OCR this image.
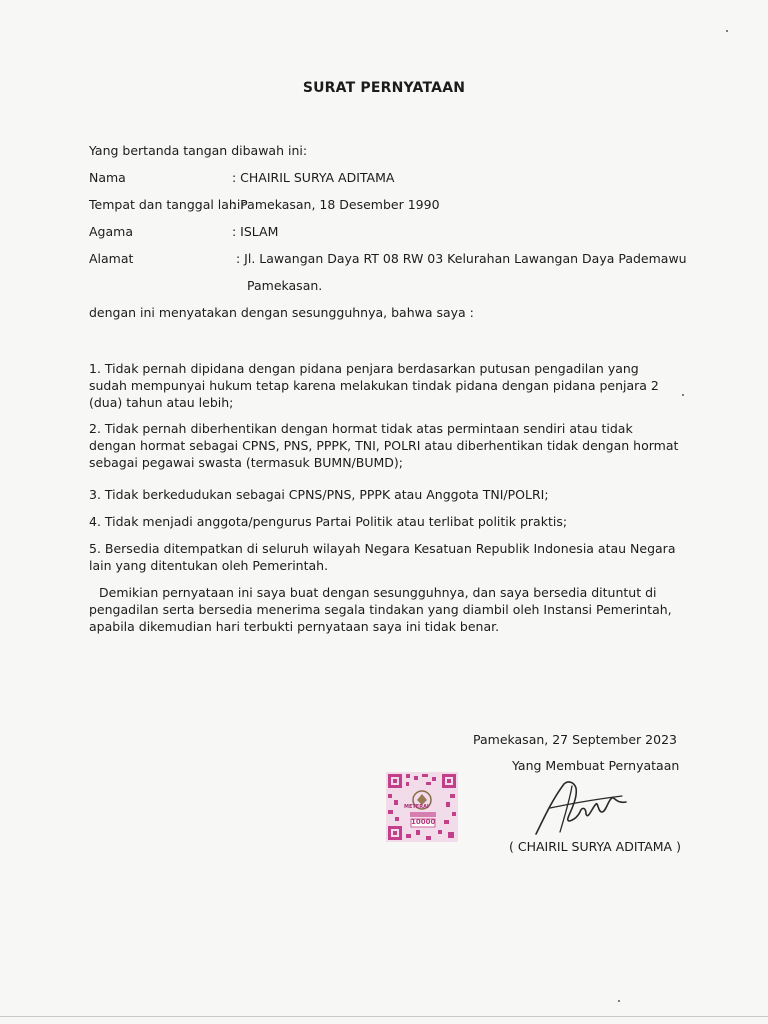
SURAT PERNYATAAN
Yang bertanda tangan dibawah ini:
Nama	: CHAIRIL SURYA ADITAMA
Tempat dan tanggal lahir
: Pamekasan, 18 Desember 1990
Agama	: ISLAM
Alamat	: Jl. Lawangan Daya RT 08 RW 03 Kelurahan Lawangan Daya Pademawu
Pamekasan.
dengan ini menyatakan dengan sesungguhnya, bahwa saya :
1. Tidak pernah dipidana dengan pidana penjara berdasarkan putusan pengadilan yang sudah mempunyai hukum tetap karena melakukan tindak pidana dengan pidana penjara 2 (dua) tahun atau lebih;
2. Tidak pernah diberhentikan dengan hormat tidak atas permintaan sendiri atau tidak dengan hormat sebagai CPNS, PNS, PPPK, TNI, POLRI atau diberhentikan tidak dengan hormat sebagai pegawai swasta (termasuk BUMN/BUMD);
3. Tidak berkedudukan sebagai CPNS/PNS, PPPK atau Anggota TNI/POLRI;
4. Tidak menjadi anggota/pengurus Partai Politik atau terlibat politik praktis;
5. Bersedia ditempatkan di seluruh wilayah Negara Kesatuan Republik Indonesia atau Negara lain yang ditentukan oleh Pemerintah.
Demikian pernyataan ini saya buat dengan sesungguhnya, dan saya bersedia dituntut di pengadilan serta bersedia menerima segala tindakan yang diambil oleh Instansi Pemerintah, apabila dikemudian hari terbukti pernyataan saya ini tidak benar.
Pamekasan, 27 September 2023
Yang Membuat Pernyataan
METERAI
10000
( CHAIRIL SURYA ADITAMA )
